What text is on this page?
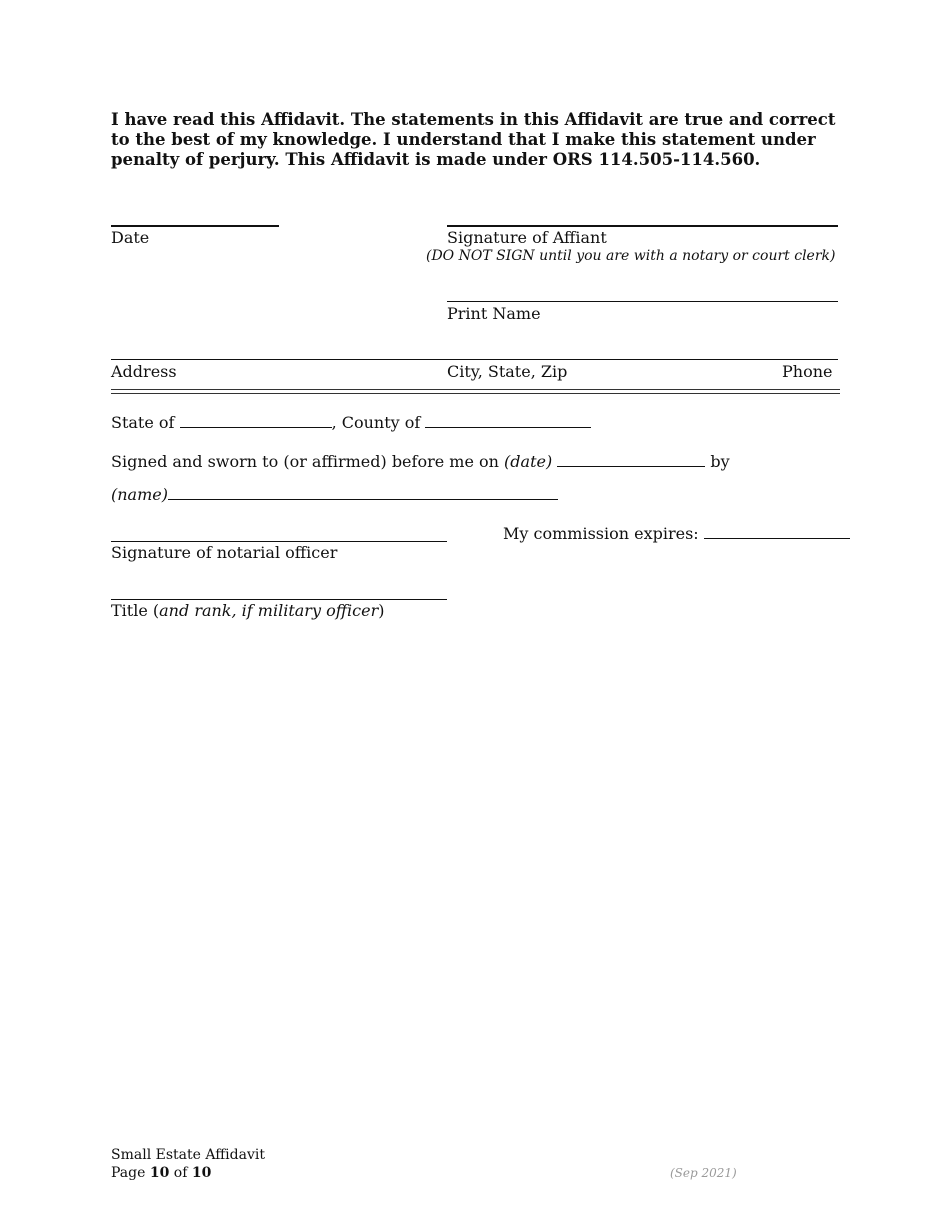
I have read this Affidavit. The statements in this Affidavit are true and correct to the best of my knowledge. I understand that I make this statement under penalty of perjury. This Affidavit is made under ORS 114.505-114.560.
Date	Signature of Affiant
(DO NOT SIGN until you are with a notary or court clerk)
Print Name
Address	City, State, Zip	Phone
State of	, County of
Signed and sworn to (or affirmed) before me on (date)	by
(name)
Signature of notarial officer
My commission expires:
Title (and rank, if military officer)
Small Estate Affidavit
Page 10 of 10	(Sep 2021)
